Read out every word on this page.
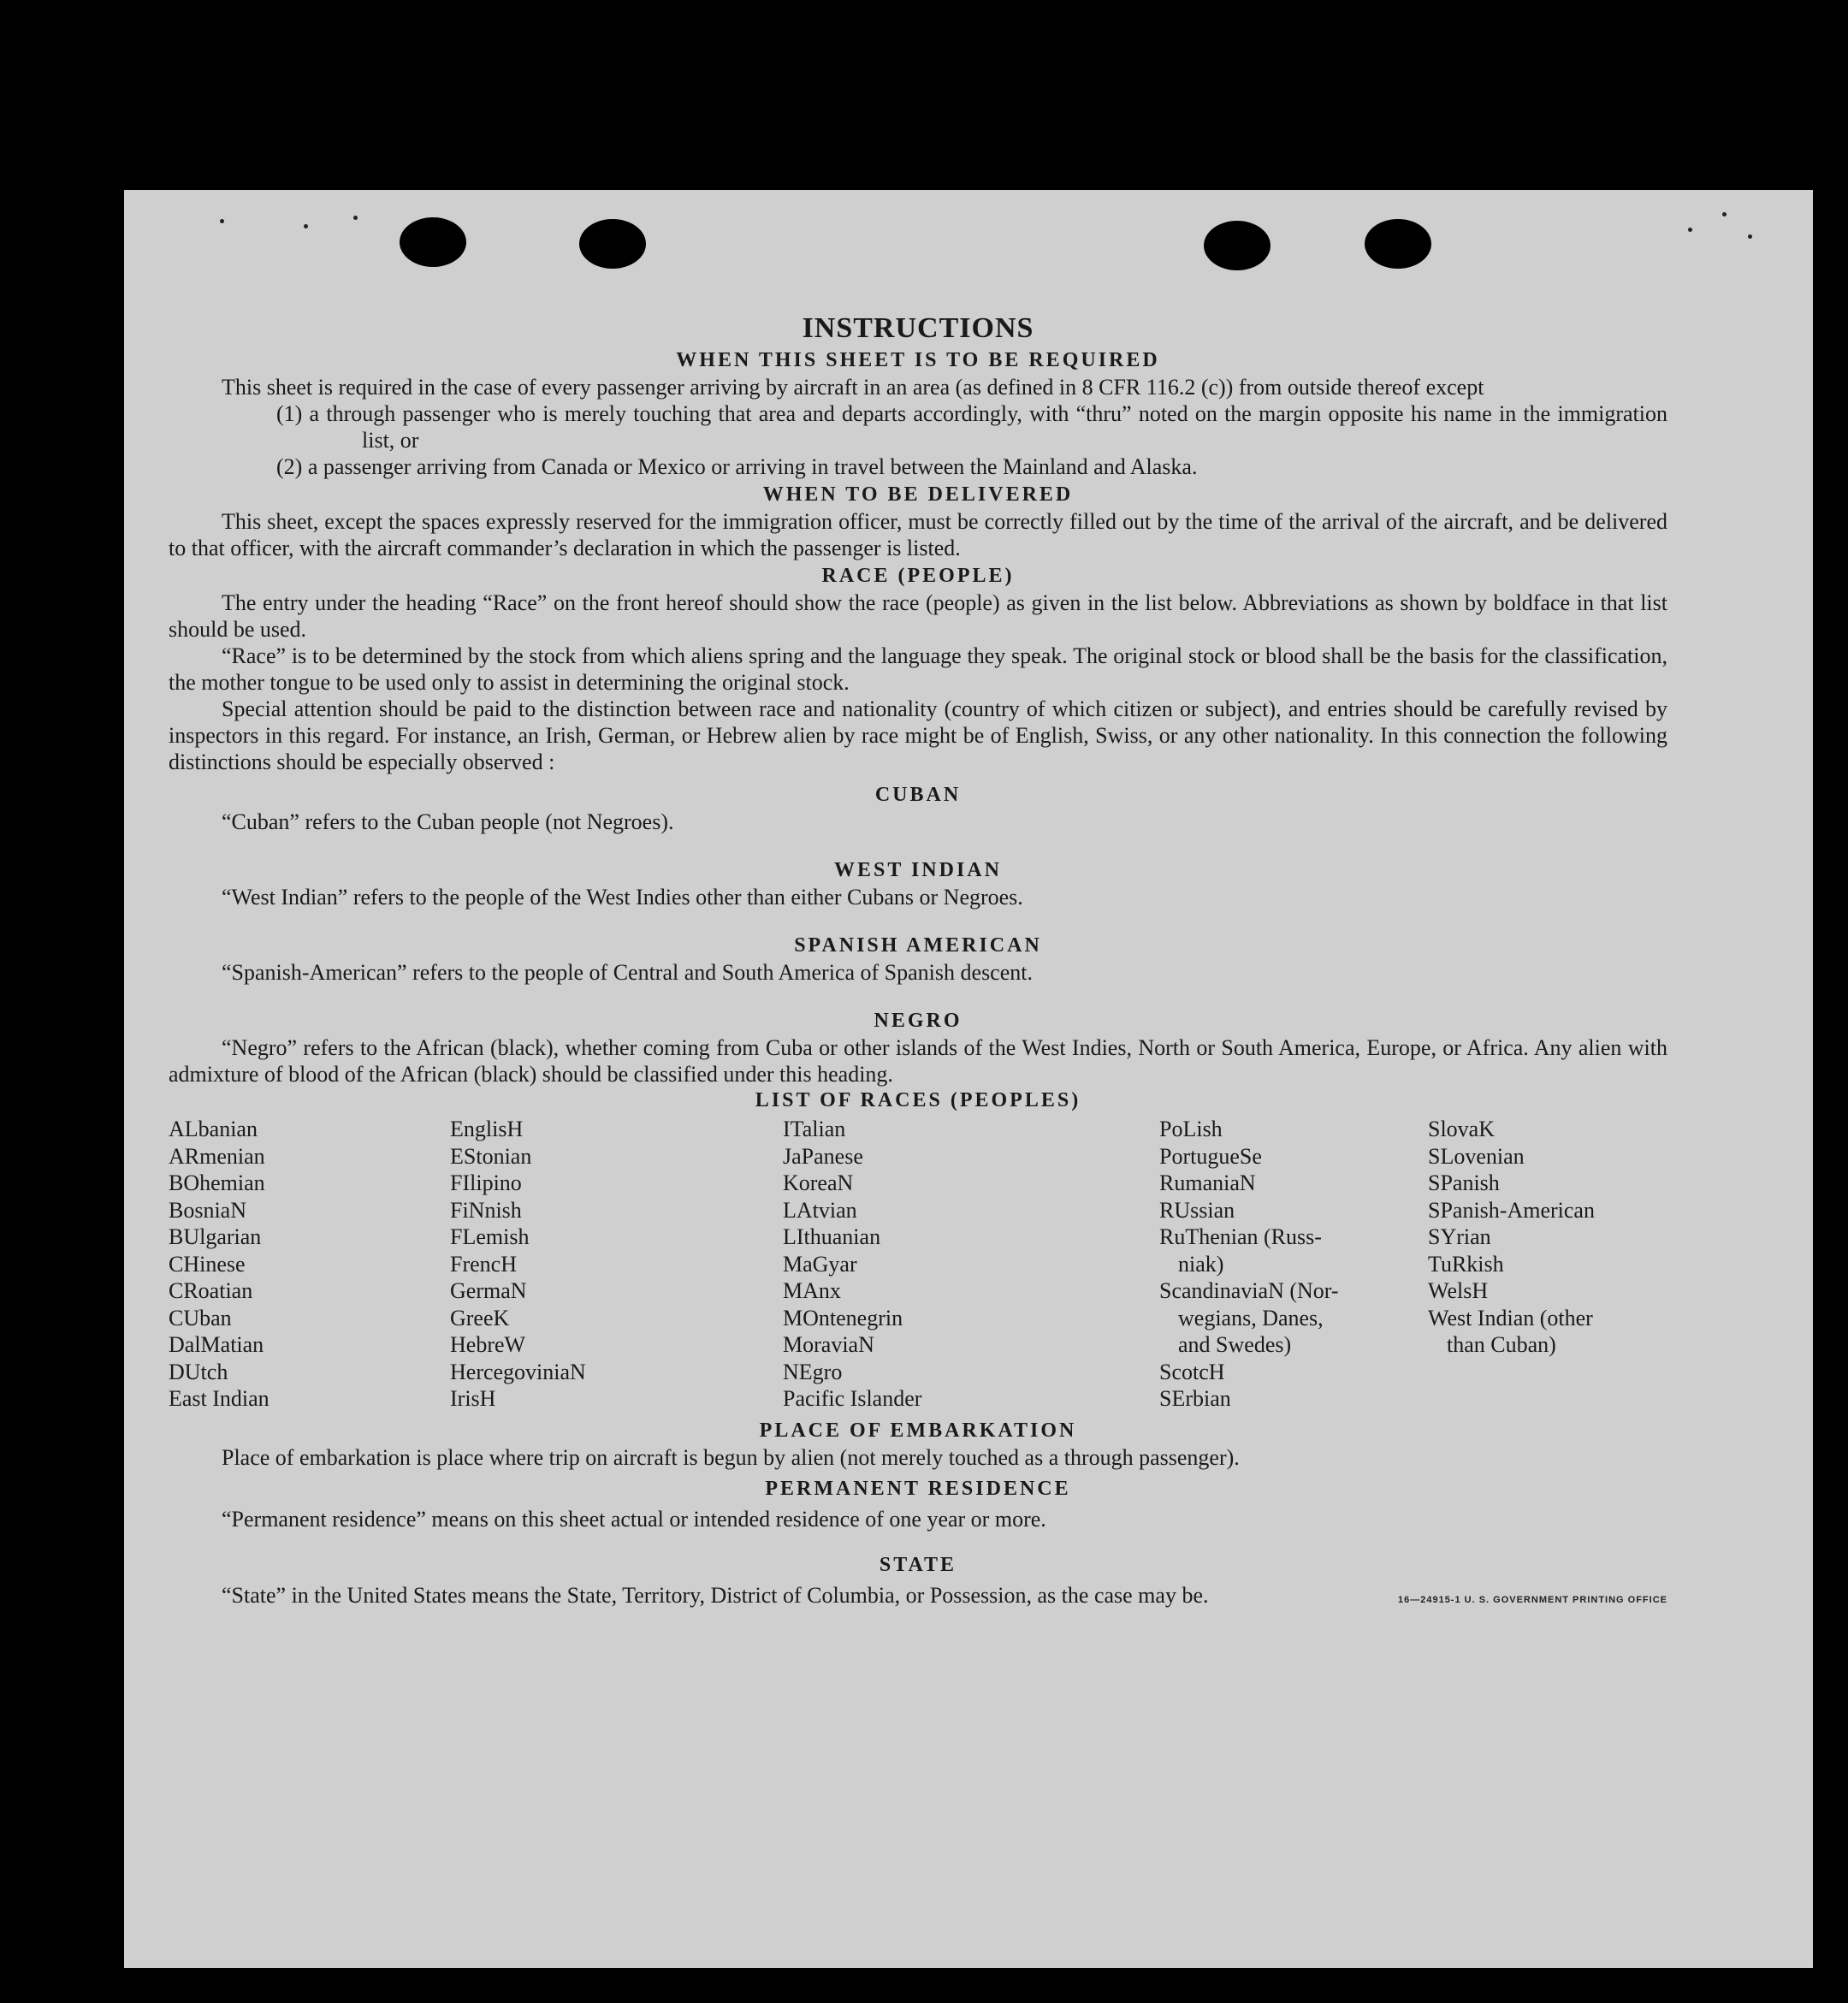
INSTRUCTIONS
WHEN THIS SHEET IS TO BE REQUIRED

This sheet is required in the case of every passenger arriving by aircraft in an area (as defined in 8 CFR 116.2 (c)) from outside thereof except

(1) a through passenger who is merely touching that area and departs accordingly, with “thru” noted on the margin opposite his name in the immigration list, or

(2) a passenger arriving from Canada or Mexico or arriving in travel between the Mainland and Alaska.

WHEN TO BE DELIVERED

This sheet, except the spaces expressly reserved for the immigration officer, must be correctly filled out by the time of the arrival of the aircraft, and be delivered to that officer, with the aircraft commander’s declaration in which the passenger is listed.

RACE (PEOPLE)

The entry under the heading “Race” on the front hereof should show the race (people) as given in the list below. Abbreviations as shown by boldface in that list should be used.

“Race” is to be determined by the stock from which aliens spring and the language they speak. The original stock or blood shall be the basis for the classification, the mother tongue to be used only to assist in determining the original stock.

Special attention should be paid to the distinction between race and nationality (country of which citizen or subject), and entries should be carefully revised by inspectors in this regard. For instance, an Irish, German, or Hebrew alien by race might be of English, Swiss, or any other nationality. In this connection the following distinctions should be especially observed :

CUBAN

“Cuban” refers to the Cuban people (not Negroes).

WEST INDIAN

“West Indian” refers to the people of the West Indies other than either Cubans or Negroes.

SPANISH AMERICAN

“Spanish-American” refers to the people of Central and South America of Spanish descent.

NEGRO

“Negro” refers to the African (black), whether coming from Cuba or other islands of the West Indies, North or South America, Europe, or Africa. Any alien with admixture of blood of the African (black) should be classified under this heading.

LIST OF RACES (PEOPLES)
ALbanian
ARmenian
BOhemian
BosniaN
BUlgarian
CHinese
CRoatian
CUban
DalMatian
DUtch
East Indian
EnglisH
EStonian
FIlipino
FiNnish
FLemish
FrencH
GermaN
GreeK
HebreW
HercegoviniaN
IrisH
ITalian
JaPanese
KoreaN
LAtvian
LIthuanian
MaGyar
MAnx
MOntenegrin
MoraviaN
NEgro
Pacific Islander
PoLish
PortugueSe
RumaniaN
RUssian
RuThenian (Russ-
niak)
ScandinaviaN (Nor-
wegians, Danes,
and Swedes)
ScotcH
SErbian
SlovaK
SLovenian
SPanish
SPanish-American
SYrian
TuRkish
WelsH
West Indian (other
than Cuban)
PLACE OF EMBARKATION

Place of embarkation is place where trip on aircraft is begun by alien (not merely touched as a through passenger).

PERMANENT RESIDENCE

“Permanent residence” means on this sheet actual or intended residence of one year or more.

STATE

“State” in the United States means the State, Territory, District of Columbia, or Possession, as the case may be.	16—24915-1 U. S. GOVERNMENT PRINTING OFFICE
